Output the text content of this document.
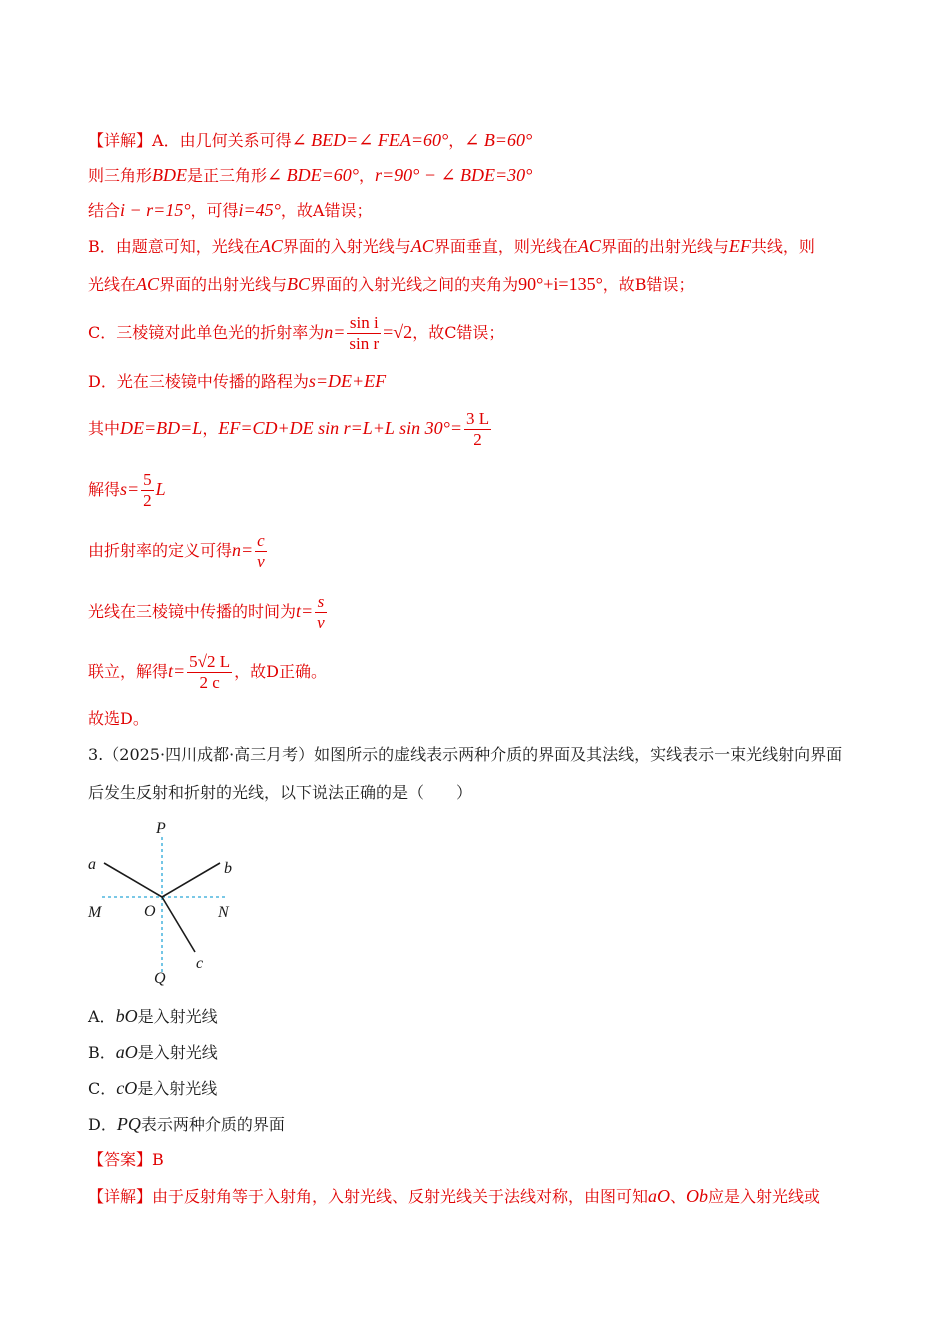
【详解】A．由几何关系可得∠ BED=∠ FEA=60°，∠ B=60°
则三角形BDE是正三角形∠ BDE=60°，r=90° − ∠ BDE=30°
结合i − r=15°，可得i=45°，故A错误；
B．由题意可知，光线在AC界面的入射光线与AC界面垂直，则光线在AC界面的出射光线与EF共线，则
光线在AC界面的出射光线与BC界面的入射光线之间的夹角为90°+i=135°，故B错误；
C．三棱镜对此单色光的折射率为$n= \frac{\text{sin i}}{\text{sin r}} =√2$，故C错误；
D．光在三棱镜中传播的路程为s=DE+EF
其中DE=BD=L，EF=CD+DE sin r=L+L $\sin 30^\circ= \frac{3 L}{2}$
解得$s= \frac{5}{2}$ L
由折射率的定义可得$n= \frac{c}{v}$
光线在三棱镜中传播的时间为$t= \frac{s}{v}$
联立，解得$t= \frac{5√2 L}{2 c}$ ，故D正确。
故选D。
3.（2025·四川成都·高三月考）如图所示的虚线表示两种介质的界面及其法线，实线表示一束光线射向界面
后发生反射和折射的光线，以下说法正确的是（　　）
P
Q
M	N
O
a	b
c
A．bO是入射光线
B．aO是入射光线
C．cO是入射光线
D．PQ表示两种介质的界面
【答案】B
【详解】由于反射角等于入射角，入射光线、反射光线关于法线对称，由图可知aO、Ob应是入射光线或
